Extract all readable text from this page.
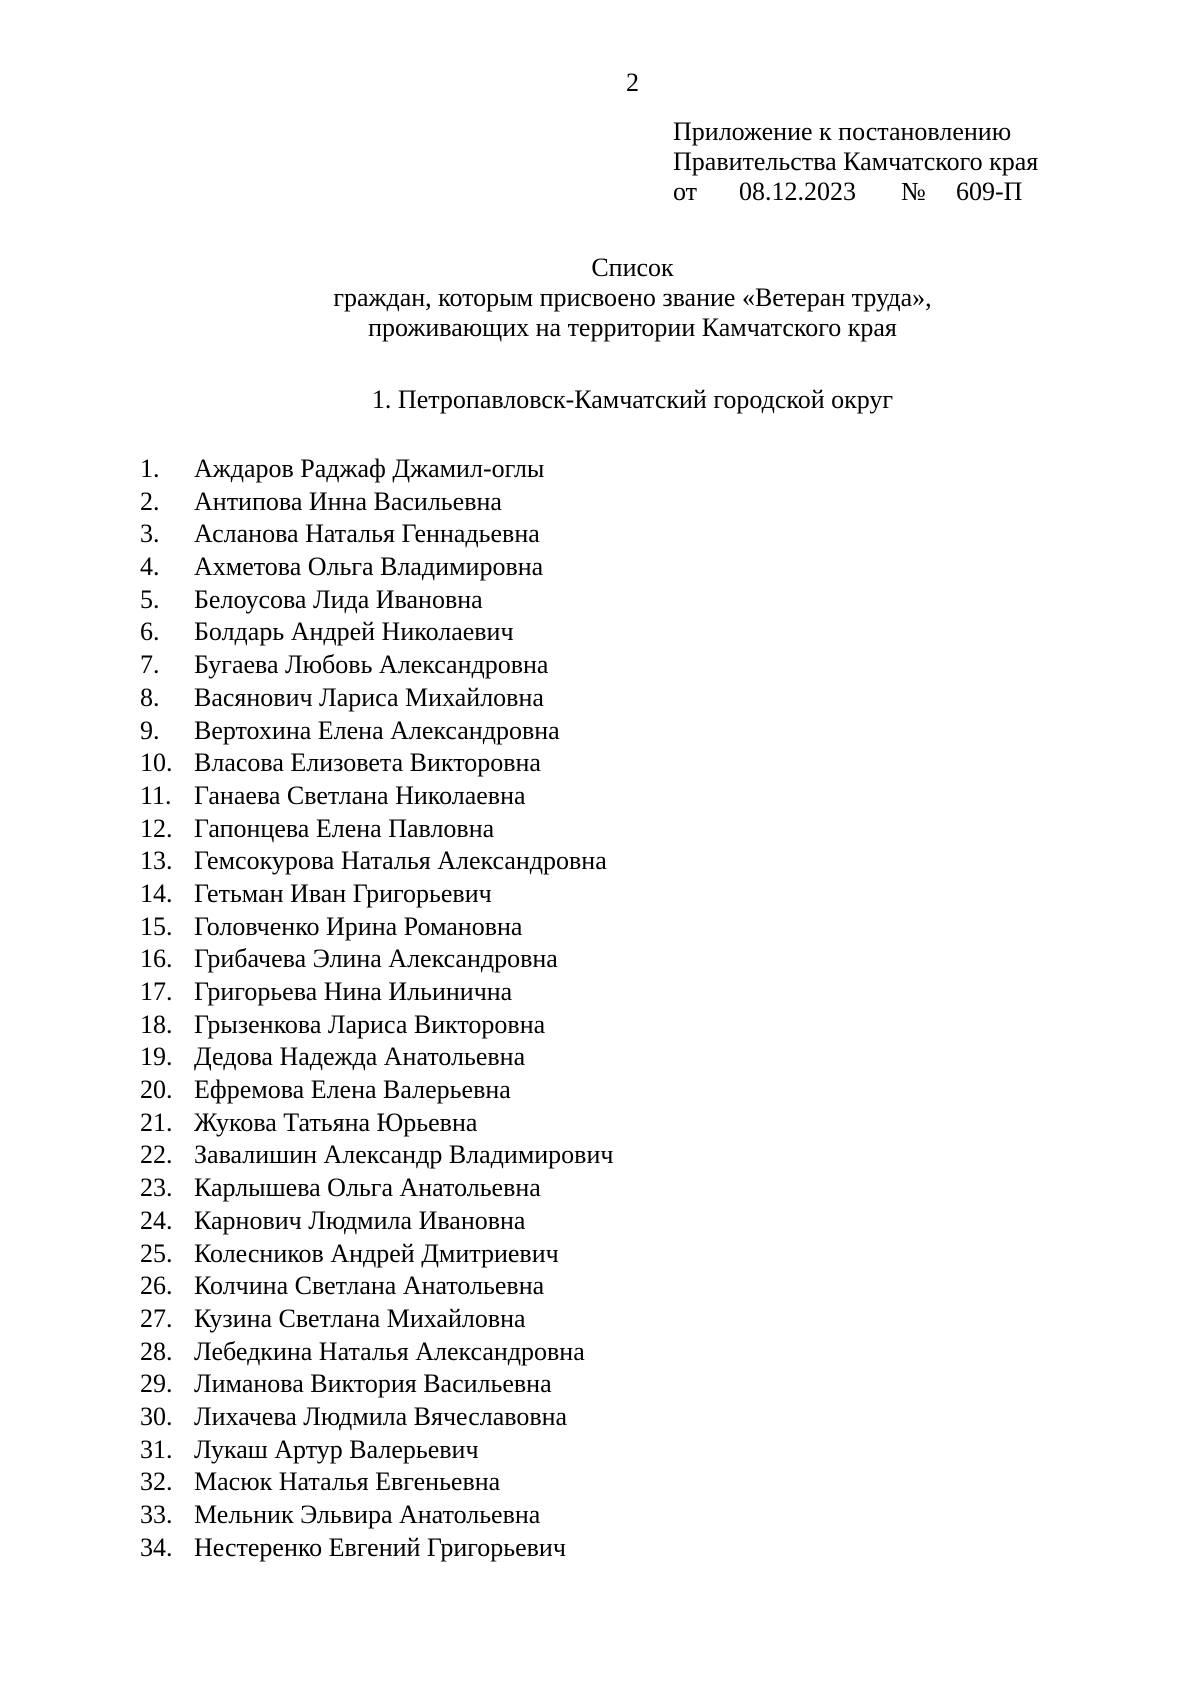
2
Приложение к постановлению
Правительства Камчатского края
от	08.12.2023	№	609-П
Список
граждан, которым присвоено звание «Ветеран труда»,
проживающих на территории Камчатского края
1. Петропавловск-Камчатский городской округ
1.	Аждаров Раджаф Джамил-оглы
2.	Антипова Инна Васильевна
3.	Асланова Наталья Геннадьевна
4.	Ахметова Ольга Владимировна
5.	Белоусова Лида Ивановна
6.	Болдарь Андрей Николаевич
7.	Бугаева Любовь Александровна
8.	Васянович Лариса Михайловна
9.	Вертохина Елена Александровна
10. Власова Елизовета Викторовна
11. Ганаева Светлана Николаевна
12. Гапонцева Елена Павловна
13. Гемсокурова Наталья Александровна
14. Гетьман Иван Григорьевич
15. Головченко Ирина Романовна
16. Грибачева Элина Александровна
17. Григорьева Нина Ильинична
18. Грызенкова Лариса Викторовна
19. Дедова Надежда Анатольевна
20. Ефремова Елена Валерьевна
21. Жукова Татьяна Юрьевна
22. Завалишин Александр Владимирович
23. Карлышева Ольга Анатольевна
24. Карнович Людмила Ивановна
25. Колесников Андрей Дмитриевич
26. Колчина Светлана Анатольевна
27. Кузина Светлана Михайловна
28. Лебедкина Наталья Александровна
29. Лиманова Виктория Васильевна
30. Лихачева Людмила Вячеславовна
31. Лукаш Артур Валерьевич
32. Масюк Наталья Евгеньевна
33. Мельник Эльвира Анатольевна
34. Нестеренко Евгений Григорьевич
